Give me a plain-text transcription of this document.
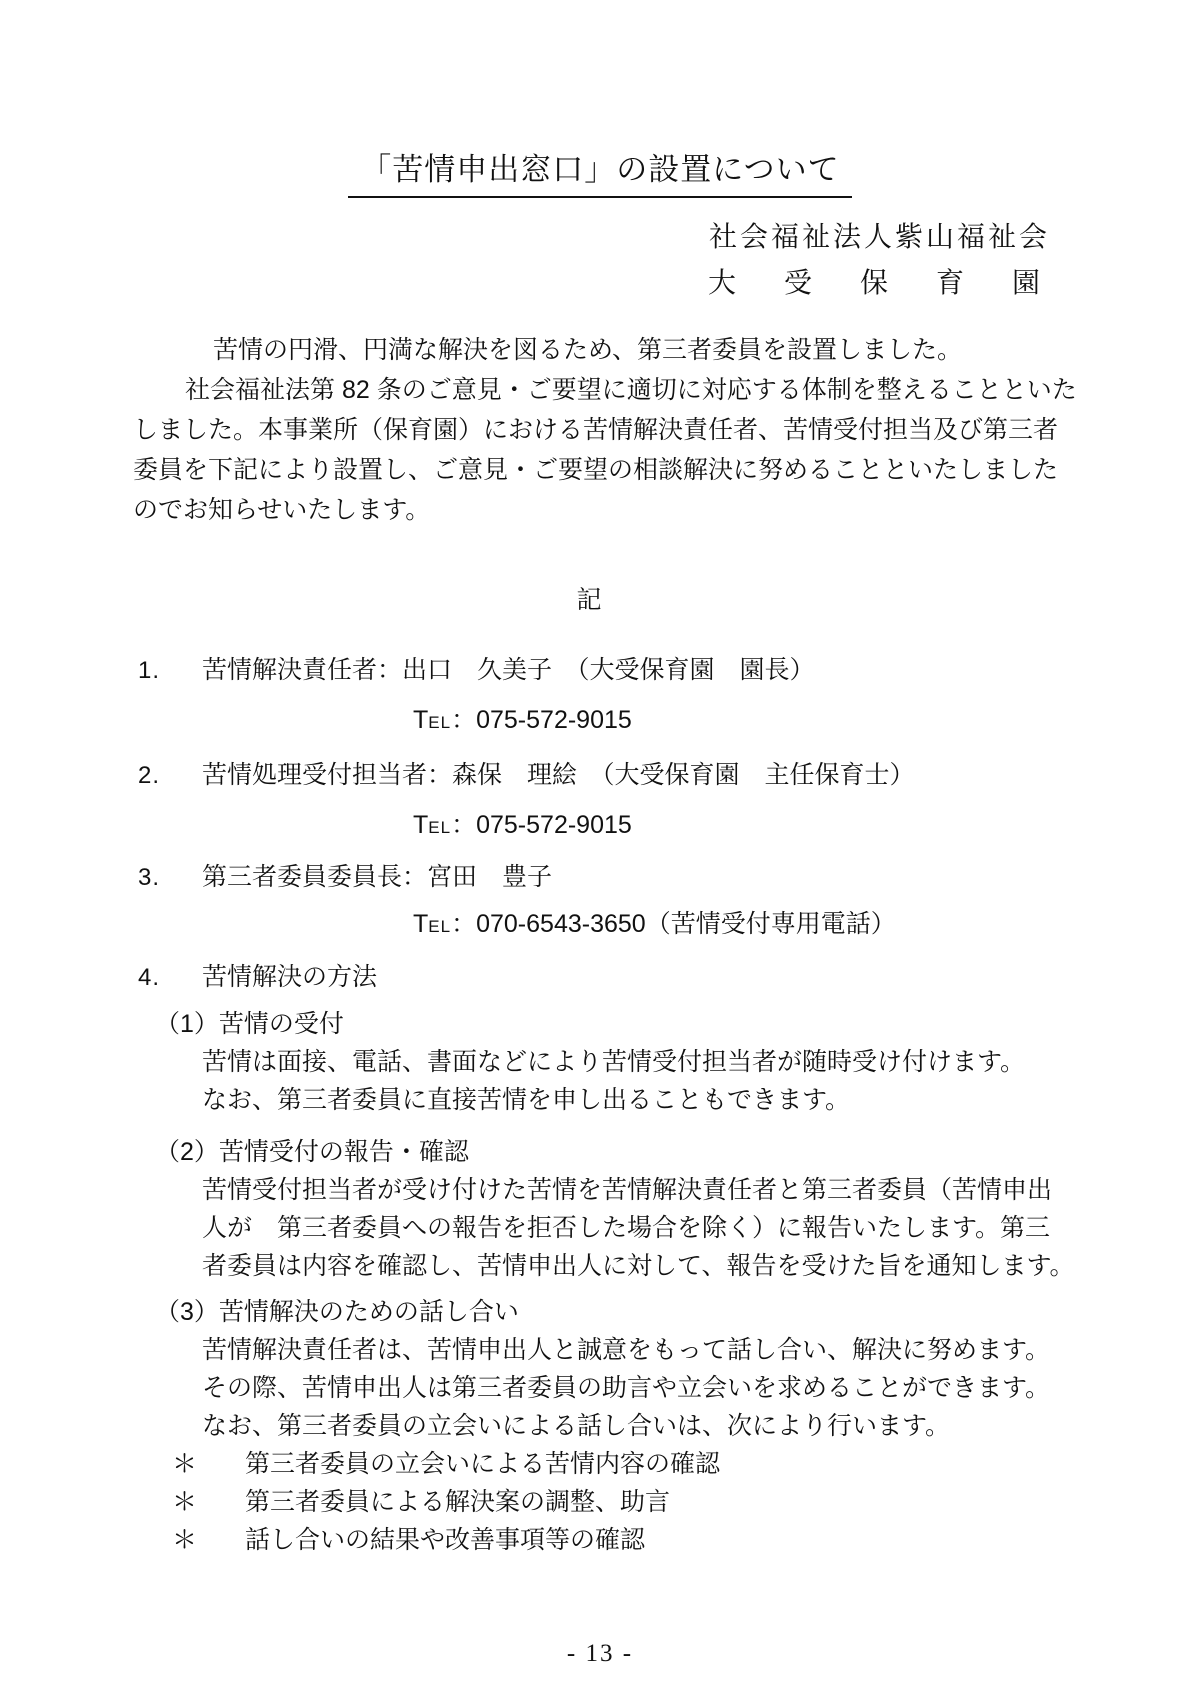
「苦情申出窓口」の設置について
社会福祉法人紫山福祉会
大　受　保　育　園
苦情の円滑、円満な解決を図るため、第三者委員を設置しました。
社会福祉法第 82 条のご意見・ご要望に適切に対応する体制を整えることといた
しました。本事業所（保育園）における苦情解決責任者、苦情受付担当及び第三者
委員を下記により設置し、ご意見・ご要望の相談解決に努めることといたしました
のでお知らせいたします。
記
1. 苦情解決責任者：出口　久美子　（大受保育園　園長）
TEL：075-572-9015
2. 苦情処理受付担当者：森保　理絵　（大受保育園　主任保育士）
TEL：075-572-9015
3. 第三者委員委員長：宮田　豊子
TEL：070-6543-3650（苦情受付専用電話）
4. 苦情解決の方法
（1）苦情の受付
苦情は面接、電話、書面などにより苦情受付担当者が随時受け付けます。
なお、第三者委員に直接苦情を申し出ることもできます。
（2）苦情受付の報告・確認
苦情受付担当者が受け付けた苦情を苦情解決責任者と第三者委員（苦情申出
人が　第三者委員への報告を拒否した場合を除く）に報告いたします。第三
者委員は内容を確認し、苦情申出人に対して、報告を受けた旨を通知します。
（3）苦情解決のための話し合い
苦情解決責任者は、苦情申出人と誠意をもって話し合い、解決に努めます。
その際、苦情申出人は第三者委員の助言や立会いを求めることができます。
なお、第三者委員の立会いによる話し合いは、次により行います。
＊ 第三者委員の立会いによる苦情内容の確認
＊ 第三者委員による解決案の調整、助言
＊ 話し合いの結果や改善事項等の確認
- 13 -
